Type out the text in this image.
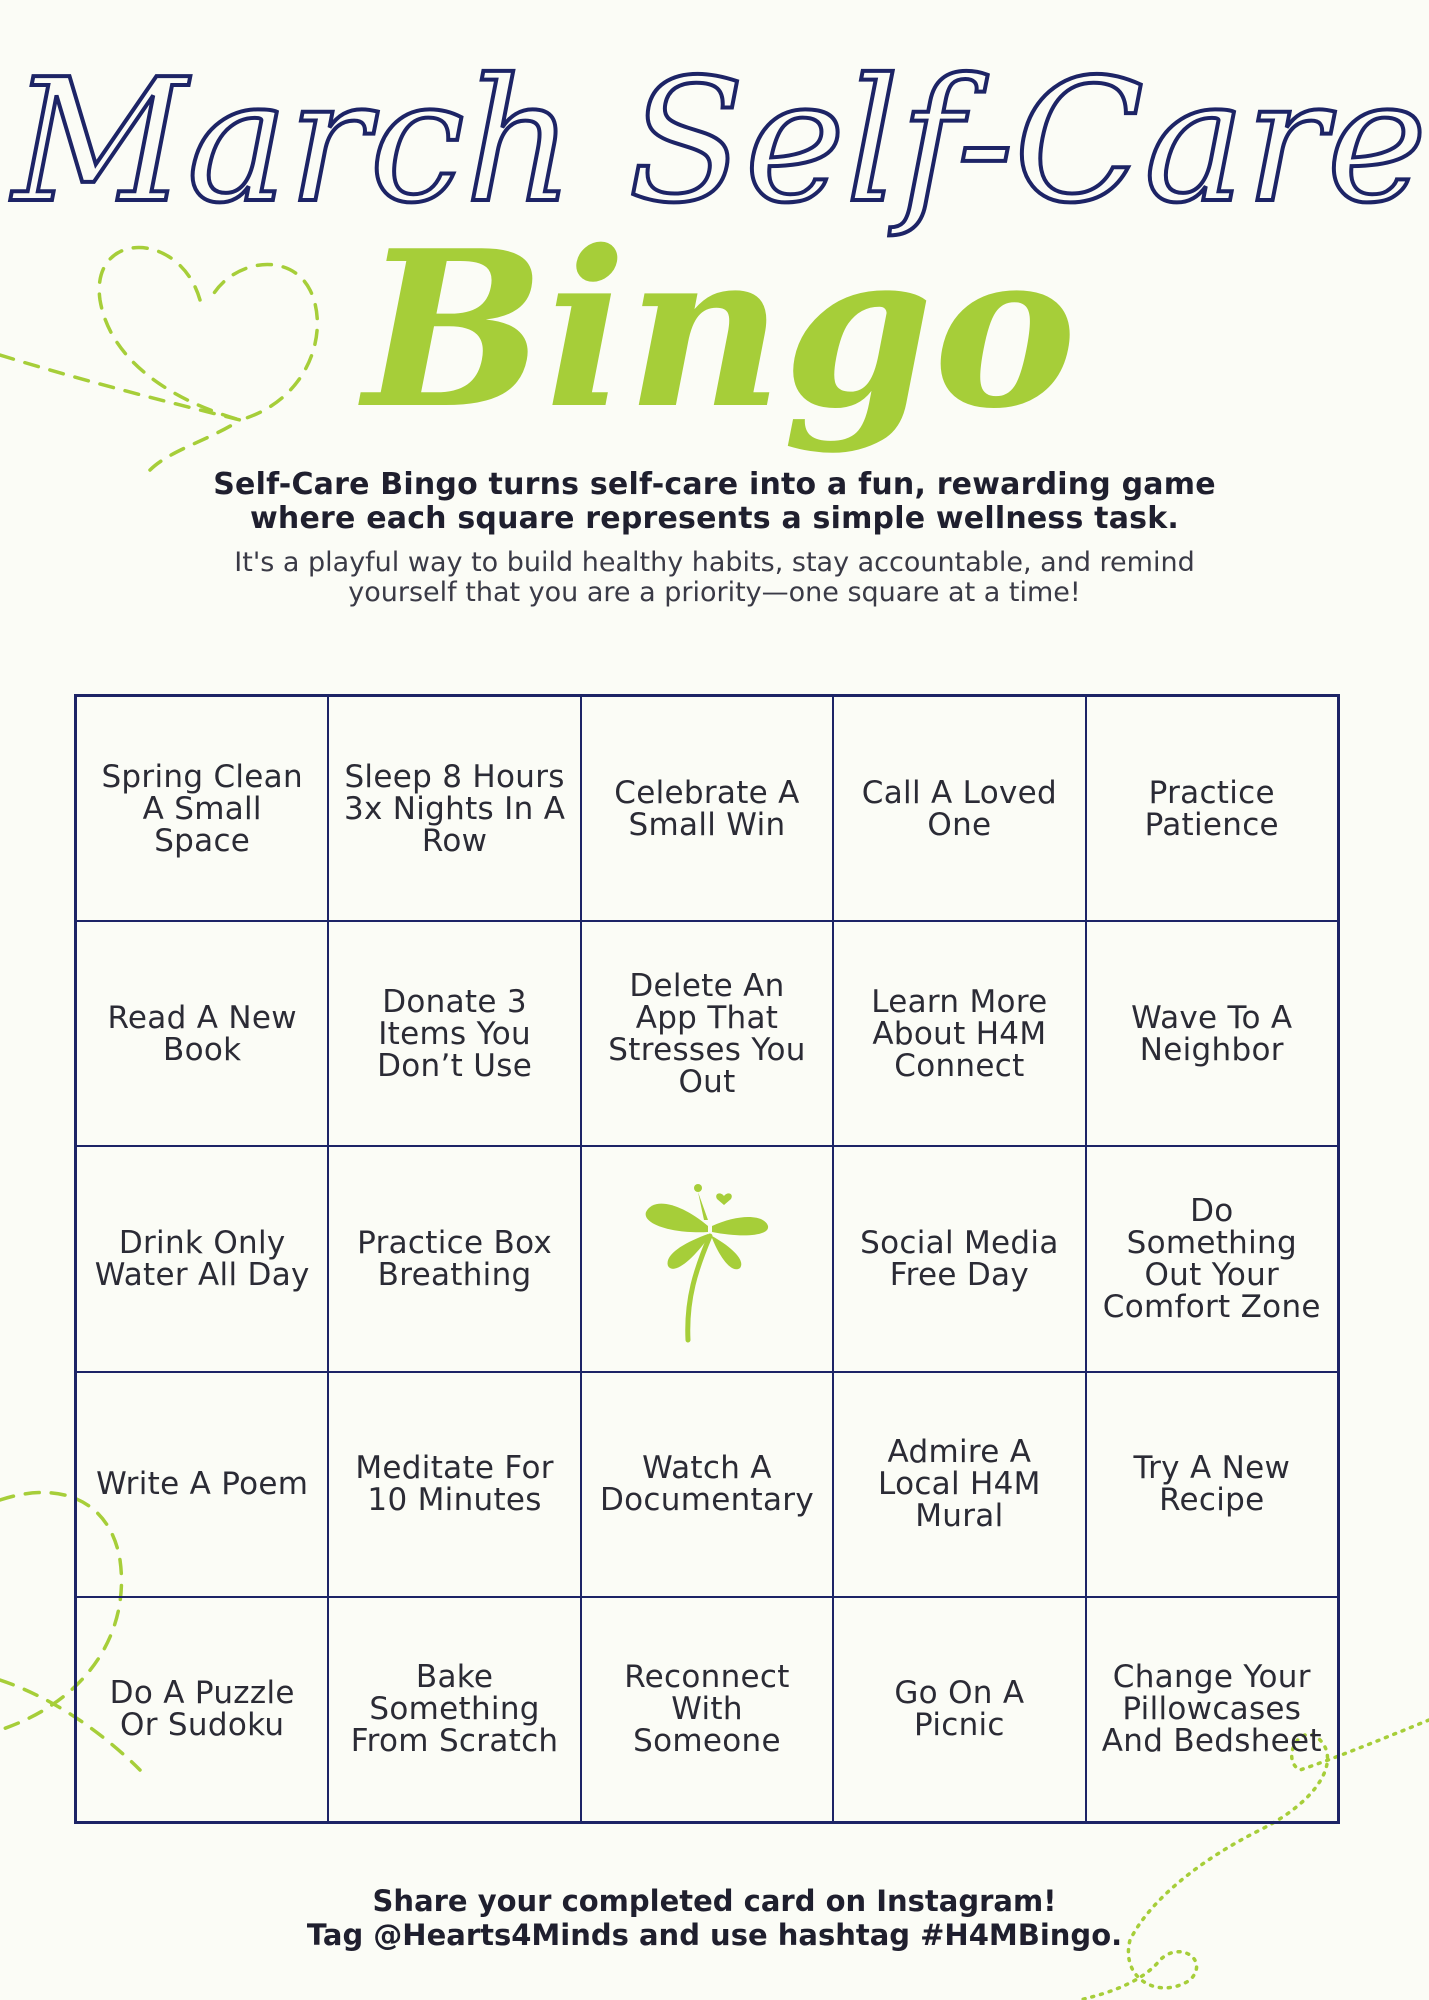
March Self-Care
Bingo

Self-Care Bingo turns self-care into a fun, rewarding game

where each square represents a simple wellness task.

It's a playful way to build healthy habits, stay accountable, and remind

yourself that you are a priority—one square at a time!

Spring Clean A Small Space
Sleep 8 Hours 3x Nights In A Row
Celebrate A Small Win
Call A Loved One
Practice Patience
Read A New Book
Donate 3 Items You Don’t Use
Delete An App That Stresses You Out
Learn More About H4M Connect
Wave To A Neighbor
Drink Only Water All Day
Practice Box Breathing
Social Media Free Day
Do Something Out Your Comfort Zone
Write A Poem	Meditate For 10 Minutes
Watch A Documentary
Admire A Local H4M Mural
Try A New Recipe
Do A Puzzle Or Sudoku
Bake Something From Scratch
Reconnect With Someone
Go On A Picnic
Change Your Pillowcases And Bedsheet

Share your completed card on Instagram!

Tag @Hearts4Minds and use hashtag #H4MBingo.
